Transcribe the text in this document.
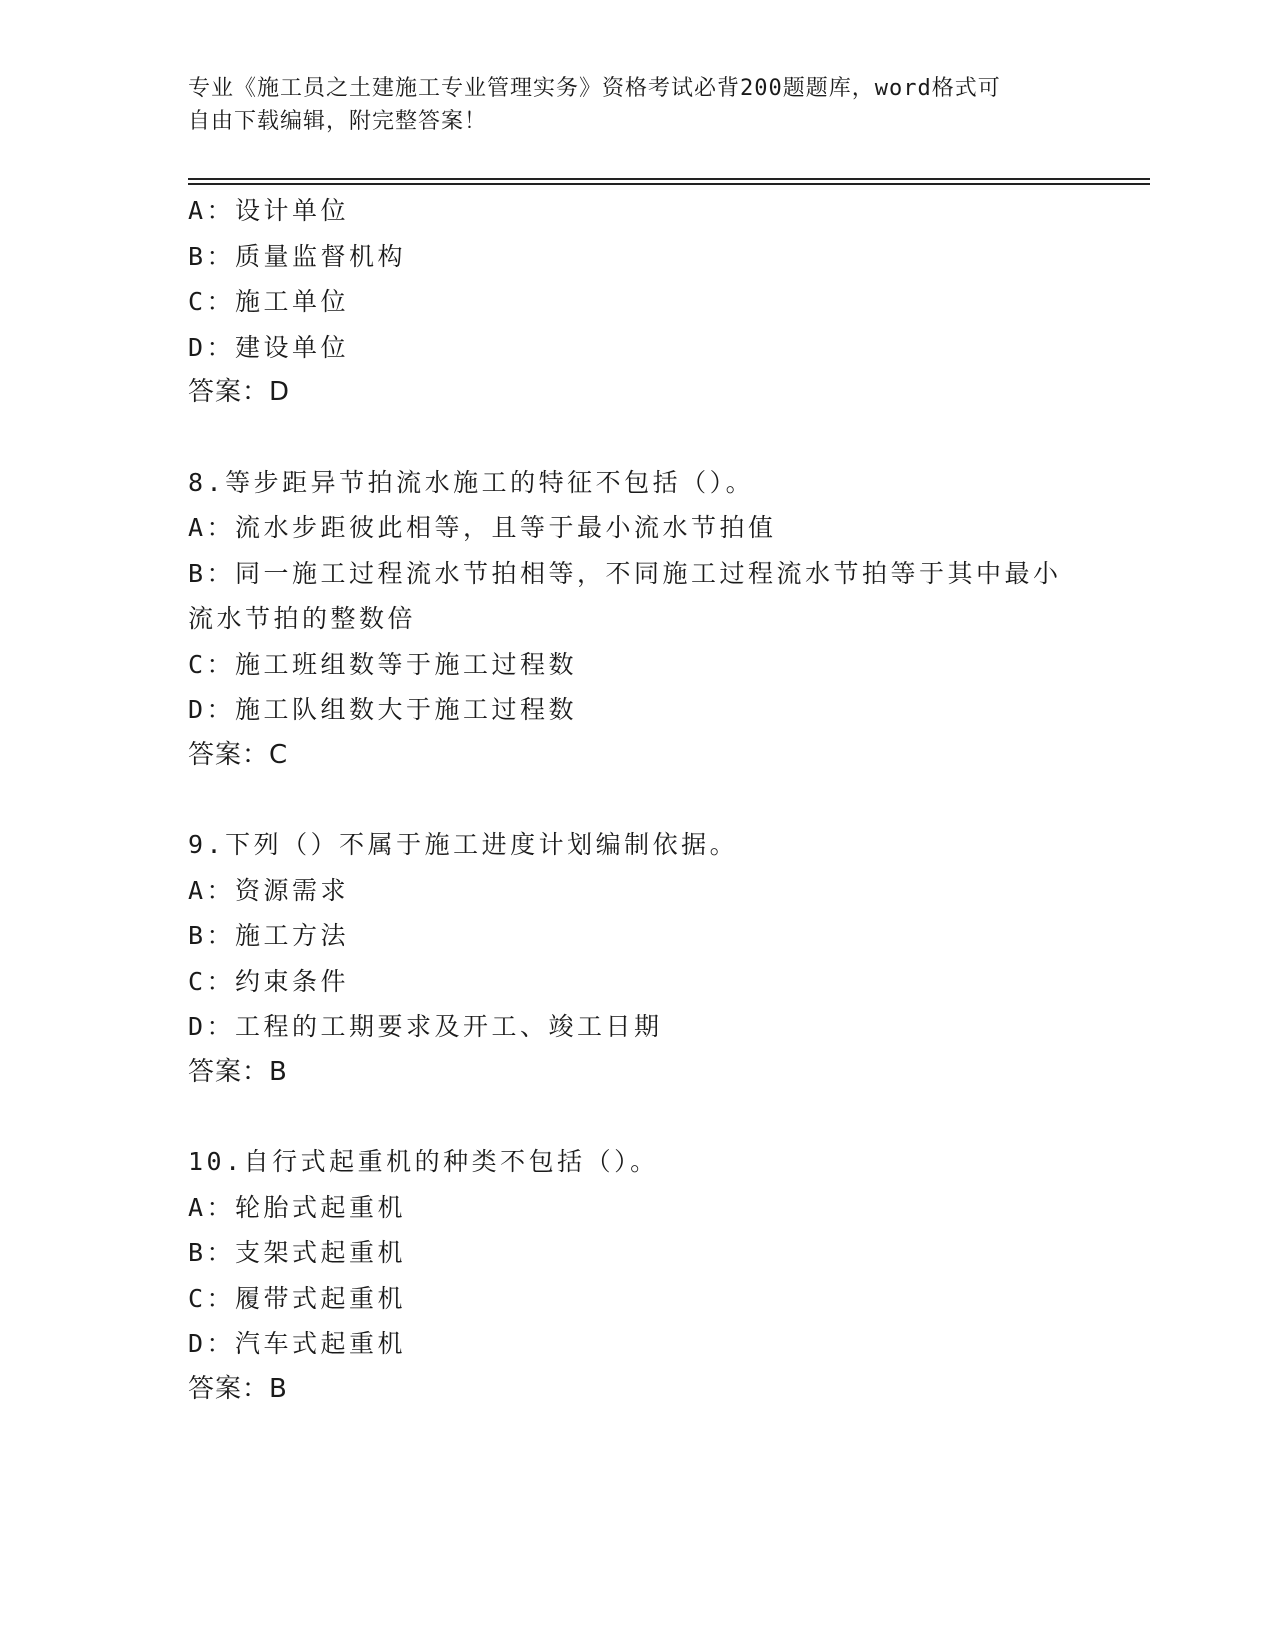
专业《施工员之土建施工专业管理实务》资格考试必背200题题库，word格式可
自由下载编辑，附完整答案！
A：设计单位
B：质量监督机构
C：施工单位
D：建设单位
答案：D
8.等步距异节拍流水施工的特征不包括（）。
A：流水步距彼此相等，且等于最小流水节拍值
B：同一施工过程流水节拍相等，不同施工过程流水节拍等于其中最小流水节拍的整数倍
C：施工班组数等于施工过程数
D：施工队组数大于施工过程数
答案：C
9.下列（）不属于施工进度计划编制依据。
A：资源需求
B：施工方法
C：约束条件
D：工程的工期要求及开工、竣工日期
答案：B
10.自行式起重机的种类不包括（）。
A：轮胎式起重机
B：支架式起重机
C：履带式起重机
D：汽车式起重机
答案：B
